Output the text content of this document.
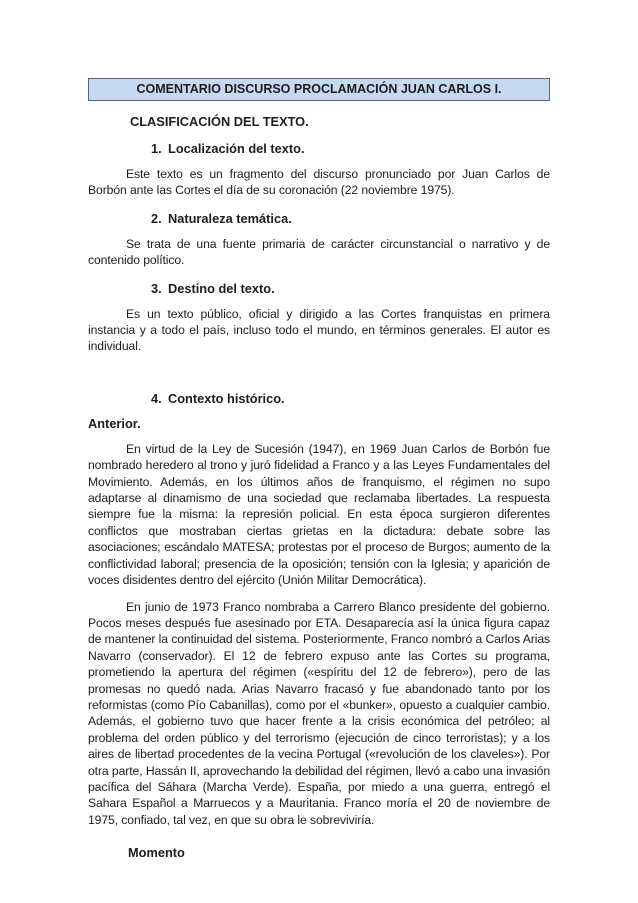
COMENTARIO DISCURSO PROCLAMACIÓN JUAN CARLOS I.

CLASIFICACIÓN DEL TEXTO.

1. Localización del texto.

Este texto es un fragmento del discurso pronunciado por Juan Carlos de Borbón ante las Cortes el día de su coronación (22 noviembre 1975).

2. Naturaleza temática.

Se trata de una fuente primaria de carácter circunstancial o narrativo y de contenido político.

3. Destino del texto.

Es un texto público, oficial y dirigido a las Cortes franquistas en primera instancia y a todo el país, incluso todo el mundo, en términos generales. El autor es individual.

4. Contexto histórico.

Anterior.

En virtud de la Ley de Sucesión (1947), en 1969 Juan Carlos de Borbón fue nombrado heredero al trono y juró fidelidad a Franco y a las Leyes Fundamentales del Movimiento. Además, en los últimos años de franquismo, el régimen no supo adaptarse al dinamismo de una sociedad que reclamaba libertades. La respuesta siempre fue la misma: la represión policial. En esta época surgieron diferentes conflictos que mostraban ciertas grietas en la dictadura: debate sobre las asociaciones; escándalo MATESA; protestas por el proceso de Burgos; aumento de la conflictividad laboral; presencia de la oposición; tensión con la Iglesia; y aparición de voces disidentes dentro del ejército (Unión Militar Democrática).

En junio de 1973 Franco nombraba a Carrero Blanco presidente del gobierno. Pocos meses después fue asesinado por ETA. Desaparecía así la única figura capaz de mantener la continuidad del sistema. Posteriormente, Franco nombró a Carlos Arias Navarro (conservador). El 12 de febrero expuso ante las Cortes su programa, prometiendo la apertura del régimen («espíritu del 12 de febrero»), pero de las promesas no quedó nada. Arias Navarro fracasó y fue abandonado tanto por los reformistas (como Pío Cabanillas), como por el «bunker», opuesto a cualquier cambio. Además, el gobierno tuvo que hacer frente a la crisis económica del petróleo; al problema del orden público y del terrorismo (ejecución de cinco terroristas); y a los aires de libertad procedentes de la vecina Portugal («revolución de los claveles»). Por otra parte, Hassán II, aprovechando la debilidad del régimen, llevó a cabo una invasión pacífica del Sáhara (Marcha Verde). España, por miedo a una guerra, entregó el Sahara Español a Marruecos y a Mauritania. Franco moría el 20 de noviembre de 1975, confiado, tal vez, en que su obra le sobreviviría.

Momento
